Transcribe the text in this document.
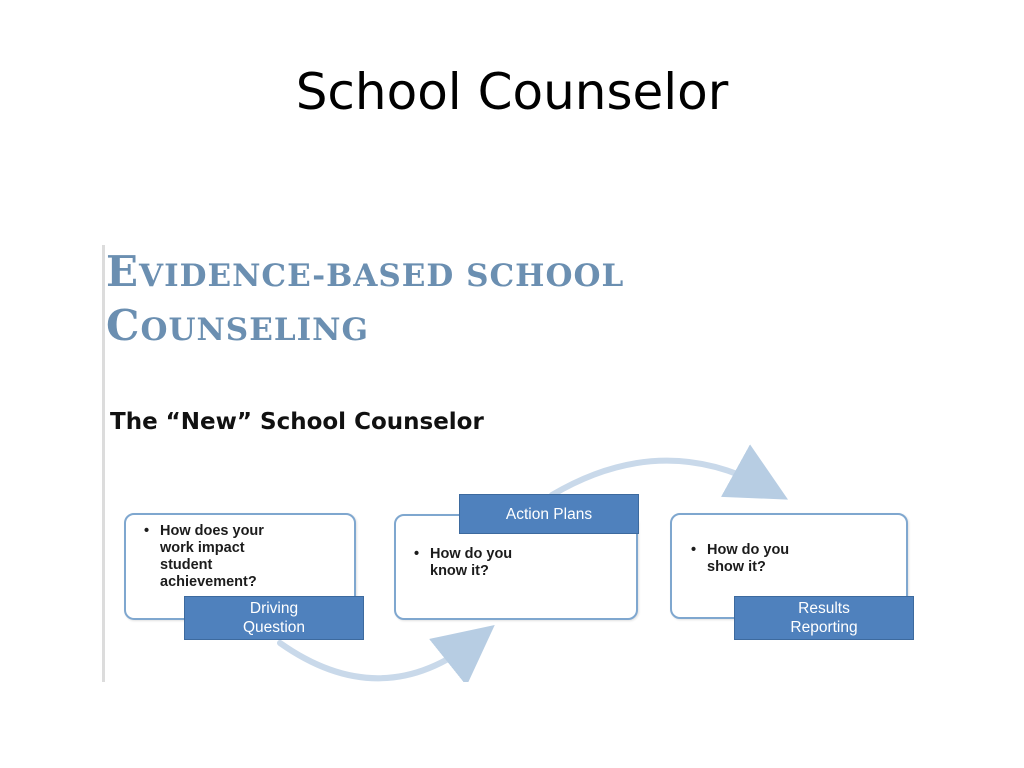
School Counselor
EVIDENCE-BASED SCHOOL
COUNSELING
The “New” School Counselor

• How does your
work impact
student
achievement?

Driving
Question
Action Plans

• How do you
know it?

• How do you
show it?

Results
Reporting
